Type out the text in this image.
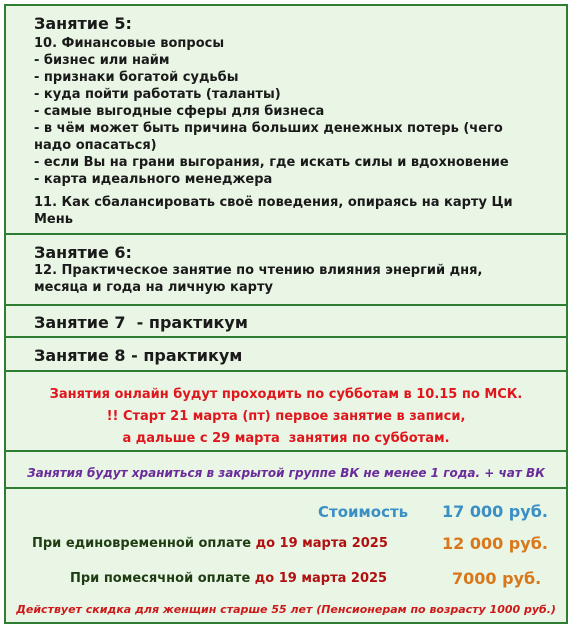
Занятие 5:
10. Финансовые вопросы
- бизнес или найм
- признаки богатой судьбы
- куда пойти работать (таланты)
- самые выгодные сферы для бизнеса
- в чём может быть причина больших денежных потерь (чего
надо опасаться)
- если Вы на грани выгорания, где искать силы и вдохновение
- карта идеального менеджера
11. Как сбалансировать своё поведения, опираясь на карту Ци
Мень
Занятие 6:
12. Практическое занятие по чтению влияния энергий дня,
месяца и года на личную карту
Занятие 7  - практикум
Занятие 8 - практикум
Занятия онлайн будут проходить по субботам в 10.15 по МСК.
!! Старт 21 марта (пт) первое занятие в записи,
а дальше с 29 марта  занятия по субботам.
Занятия будут храниться в закрытой группе ВК не менее 1 года. + чат ВК
Стоимость 17 000 руб.
При единовременной оплате до 19 марта 2025	12 000 руб.
При помесячной оплате до 19 марта 2025	7000 руб.
Действует скидка для женщин старше 55 лет (Пенсионерам по возрасту 1000 руб.)
